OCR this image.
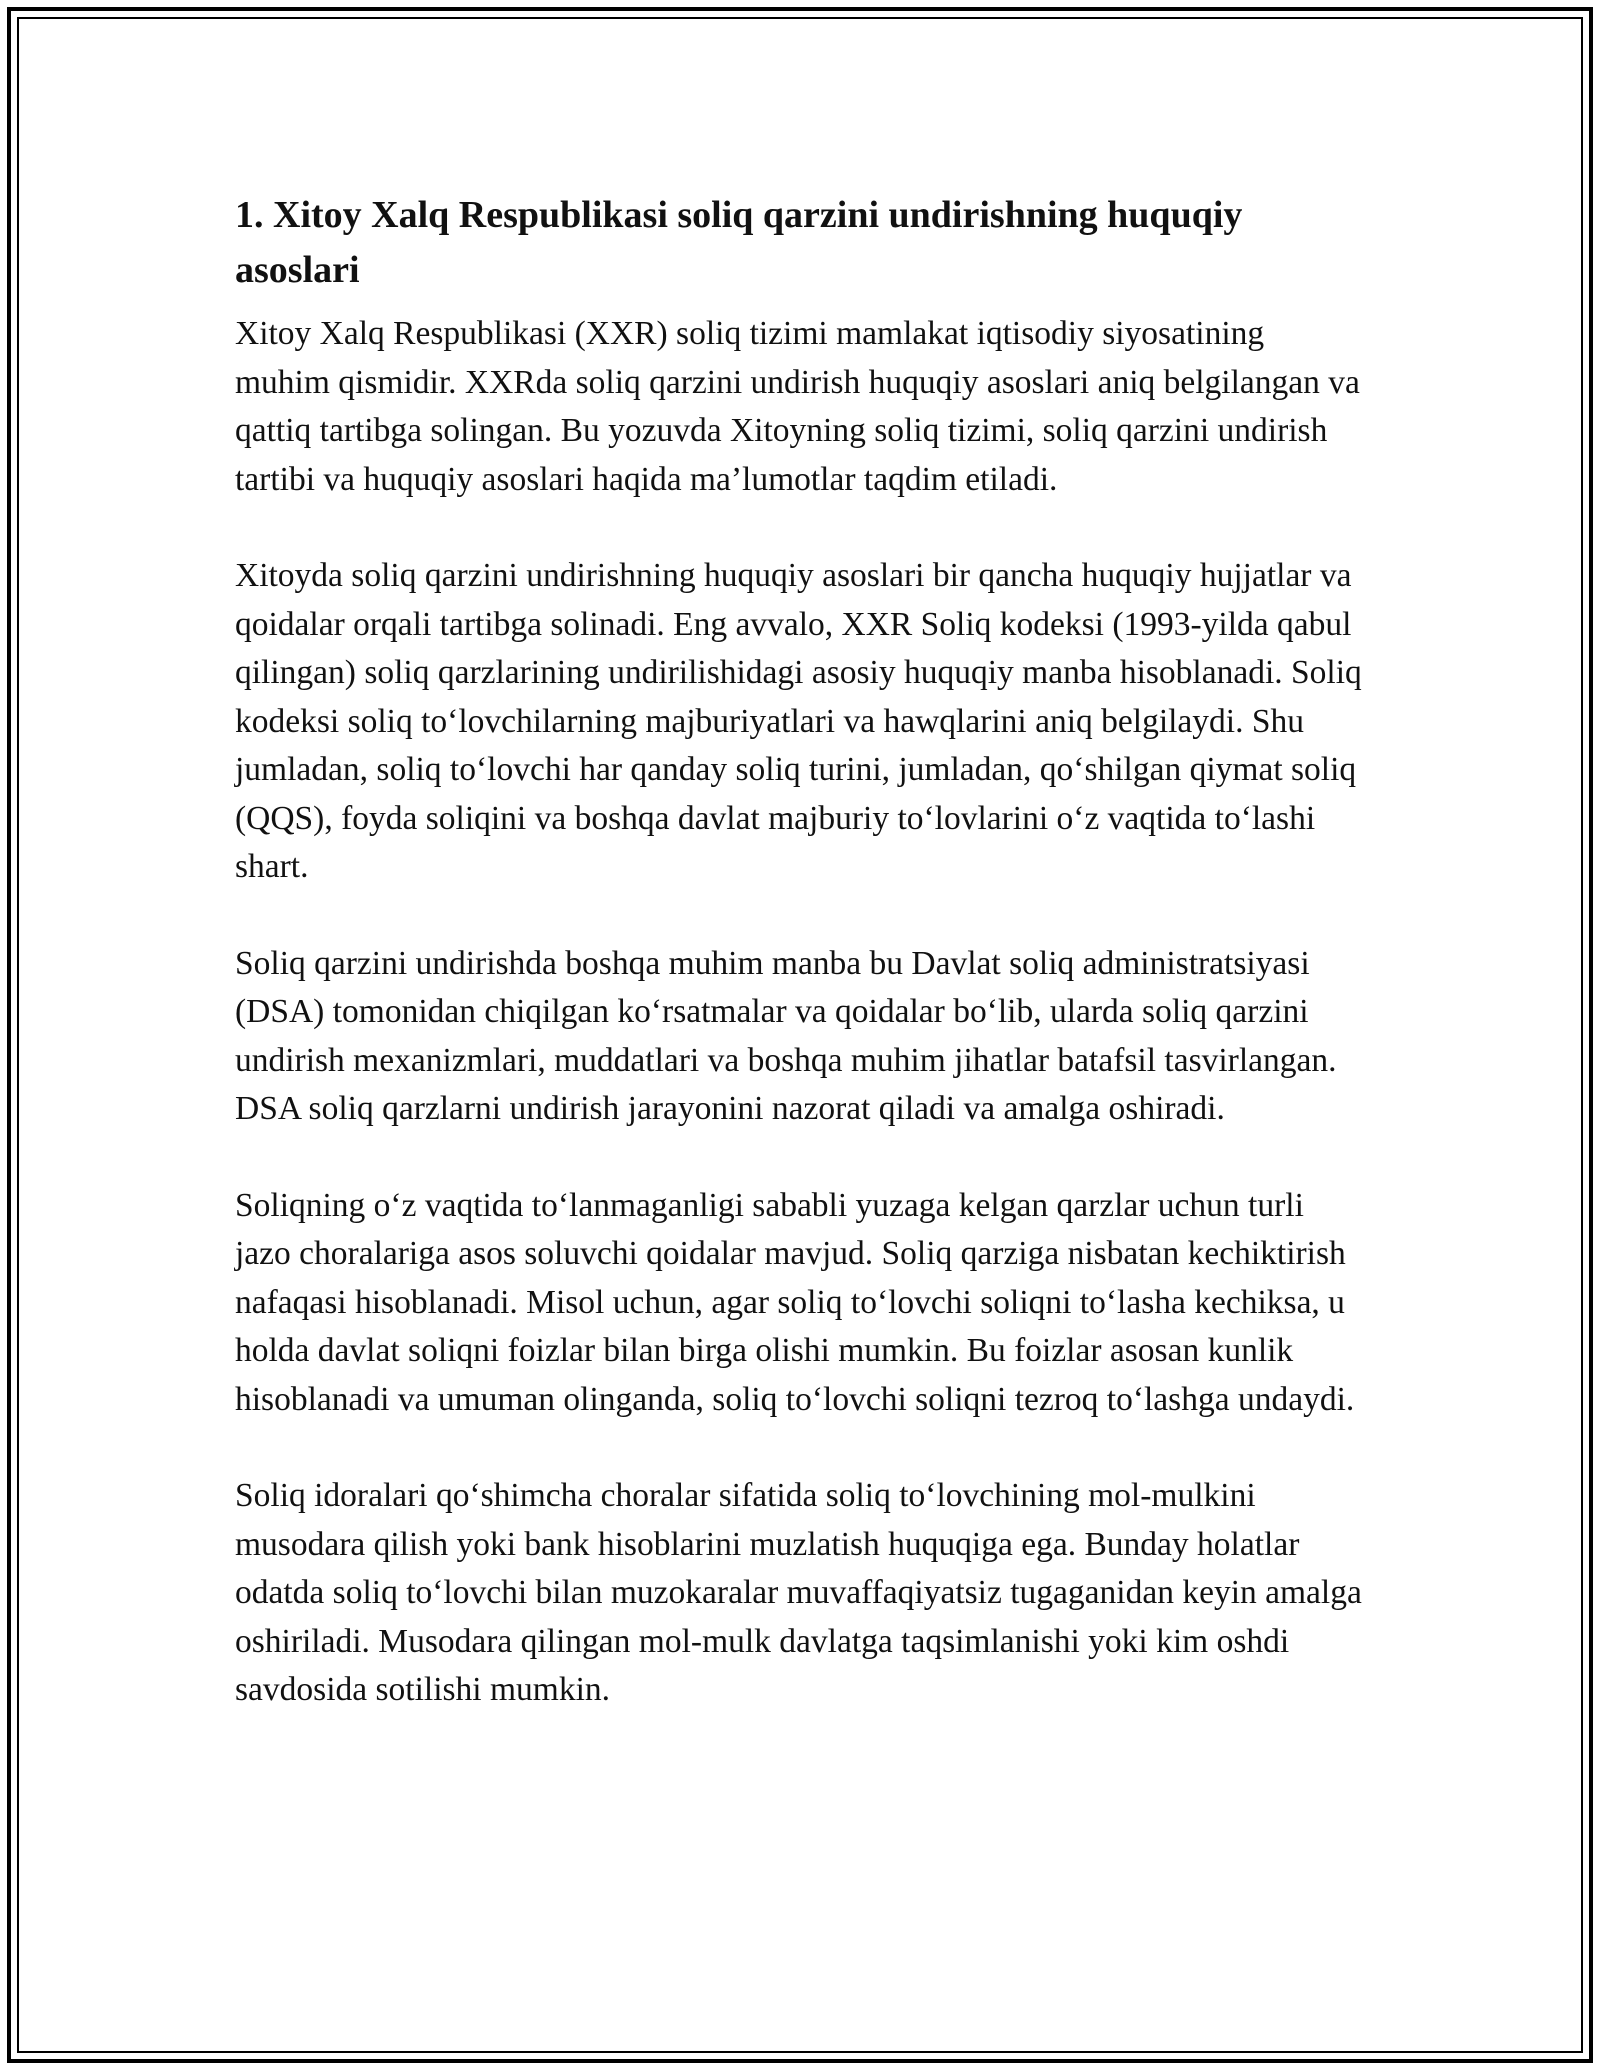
1. Xitoy Xalq Respublikasi soliq qarzini undirishning huquqiy asoslari

Xitoy Xalq Respublikasi (XXR) soliq tizimi mamlakat iqtisodiy siyosatining muhim qismidir. XXRda soliq qarzini undirish huquqiy asoslari aniq belgilangan va qattiq tartibga solingan. Bu yozuvda Xitoyning soliq tizimi, soliq qarzini undirish tartibi va huquqiy asoslari haqida ma’lumotlar taqdim etiladi.

Xitoyda soliq qarzini undirishning huquqiy asoslari bir qancha huquqiy hujjatlar va qoidalar orqali tartibga solinadi. Eng avvalo, XXR Soliq kodeksi (1993-yilda qabul qilingan) soliq qarzlarining undirilishidagi asosiy huquqiy manba hisoblanadi. Soliq kodeksi soliq to‘lovchilarning majburiyatlari va hawqlarini aniq belgilaydi. Shu jumladan, soliq to‘lovchi har qanday soliq turini, jumladan, qo‘shilgan qiymat soliq (QQS), foyda soliqini va boshqa davlat majburiy to‘lovlarini o‘z vaqtida to‘lashi shart.

Soliq qarzini undirishda boshqa muhim manba bu Davlat soliq administratsiyasi (DSA) tomonidan chiqilgan ko‘rsatmalar va qoidalar bo‘lib, ularda soliq qarzini undirish mexanizmlari, muddatlari va boshqa muhim jihatlar batafsil tasvirlangan. DSA soliq qarzlarni undirish jarayonini nazorat qiladi va amalga oshiradi.

Soliqning o‘z vaqtida to‘lanmaganligi sababli yuzaga kelgan qarzlar uchun turli jazo choralariga asos soluvchi qoidalar mavjud. Soliq qarziga nisbatan kechiktirish nafaqasi hisoblanadi. Misol uchun, agar soliq to‘lovchi soliqni to‘lasha kechiksa, u holda davlat soliqni foizlar bilan birga olishi mumkin. Bu foizlar asosan kunlik hisoblanadi va umuman olinganda, soliq to‘lovchi soliqni tezroq to‘lashga undaydi.

Soliq idoralari qo‘shimcha choralar sifatida soliq to‘lovchining mol-mulkini musodara qilish yoki bank hisoblarini muzlatish huquqiga ega. Bunday holatlar odatda soliq to‘lovchi bilan muzokaralar muvaffaqiyatsiz tugaganidan keyin amalga oshiriladi. Musodara qilingan mol-mulk davlatga taqsimlanishi yoki kim oshdi savdosida sotilishi mumkin.
